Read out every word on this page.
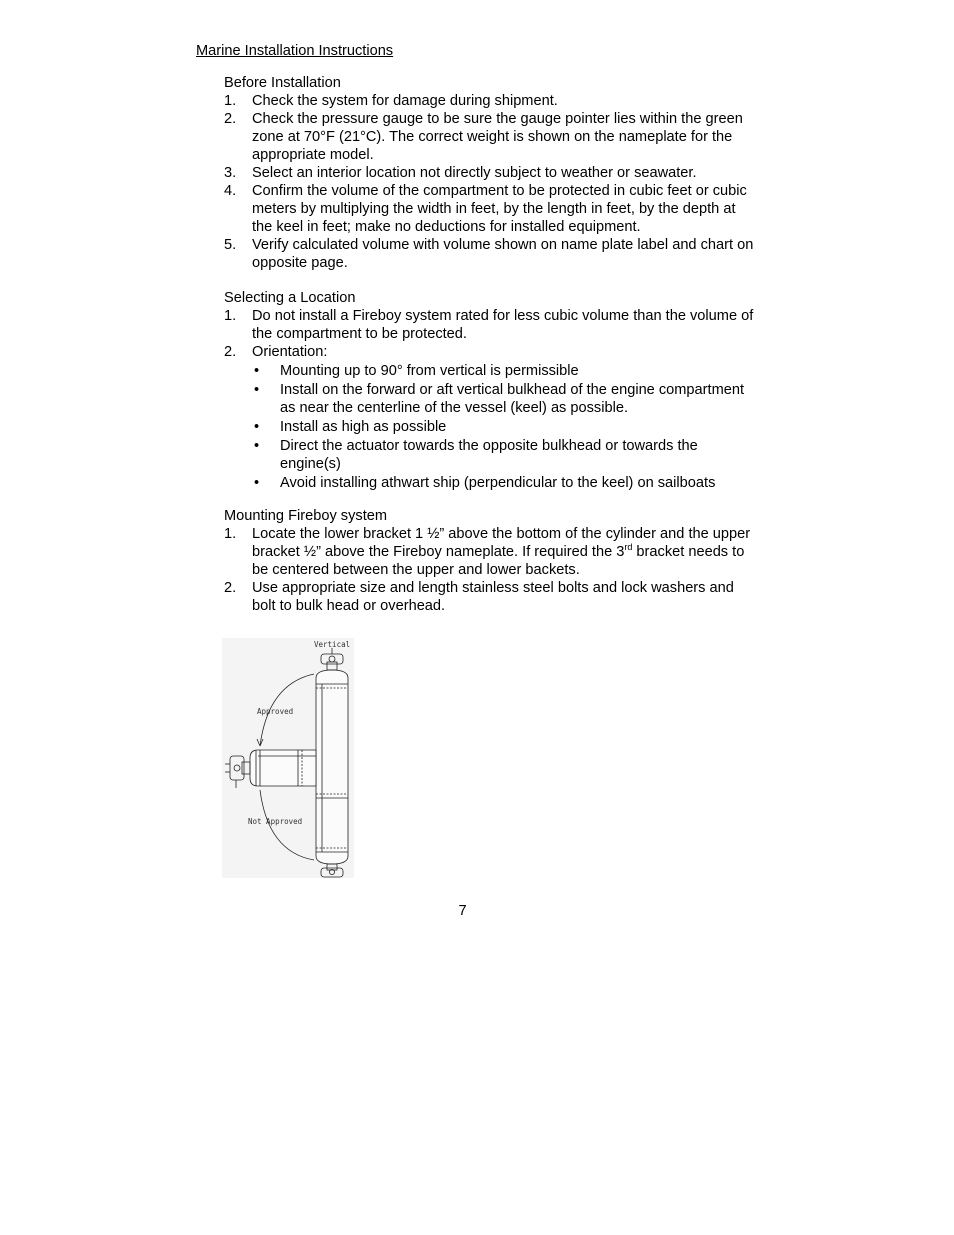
Marine Installation Instructions

Before Installation

1. Check the system for damage during shipment.
2. Check the pressure gauge to be sure the gauge pointer lies within the green zone at 70°F (21°C). The correct weight is shown on the nameplate for the appropriate model.
3. Select an interior location not directly subject to weather or seawater.
4. Confirm the volume of the compartment to be protected in cubic feet or cubic meters by multiplying the width in feet, by the length in feet, by the depth at the keel in feet; make no deductions for installed equipment.
5. Verify calculated volume with volume shown on name plate label and chart on opposite page.

Selecting a Location

1. Do not install a Fireboy system rated for less cubic volume than the volume of the compartment to be protected.
2. Orientation:
• Mounting up to 90° from vertical is permissible
• Install on the forward or aft vertical bulkhead of the engine compartment as near the centerline of the vessel (keel) as possible.
• Install as high as possible
• Direct the actuator towards the opposite bulkhead or towards the engine(s)
• Avoid installing athwart ship (perpendicular to the keel) on sailboats

Mounting Fireboy system

1. Locate the lower bracket 1 ½” above the bottom of the cylinder and the upper bracket ½” above the Fireboy nameplate. If required the 3rd bracket needs to be centered between the upper and lower backets.
2. Use appropriate size and length stainless steel bolts and lock washers and bolt to bulk head or overhead.
Vertical
Approved
Not Approved
7
